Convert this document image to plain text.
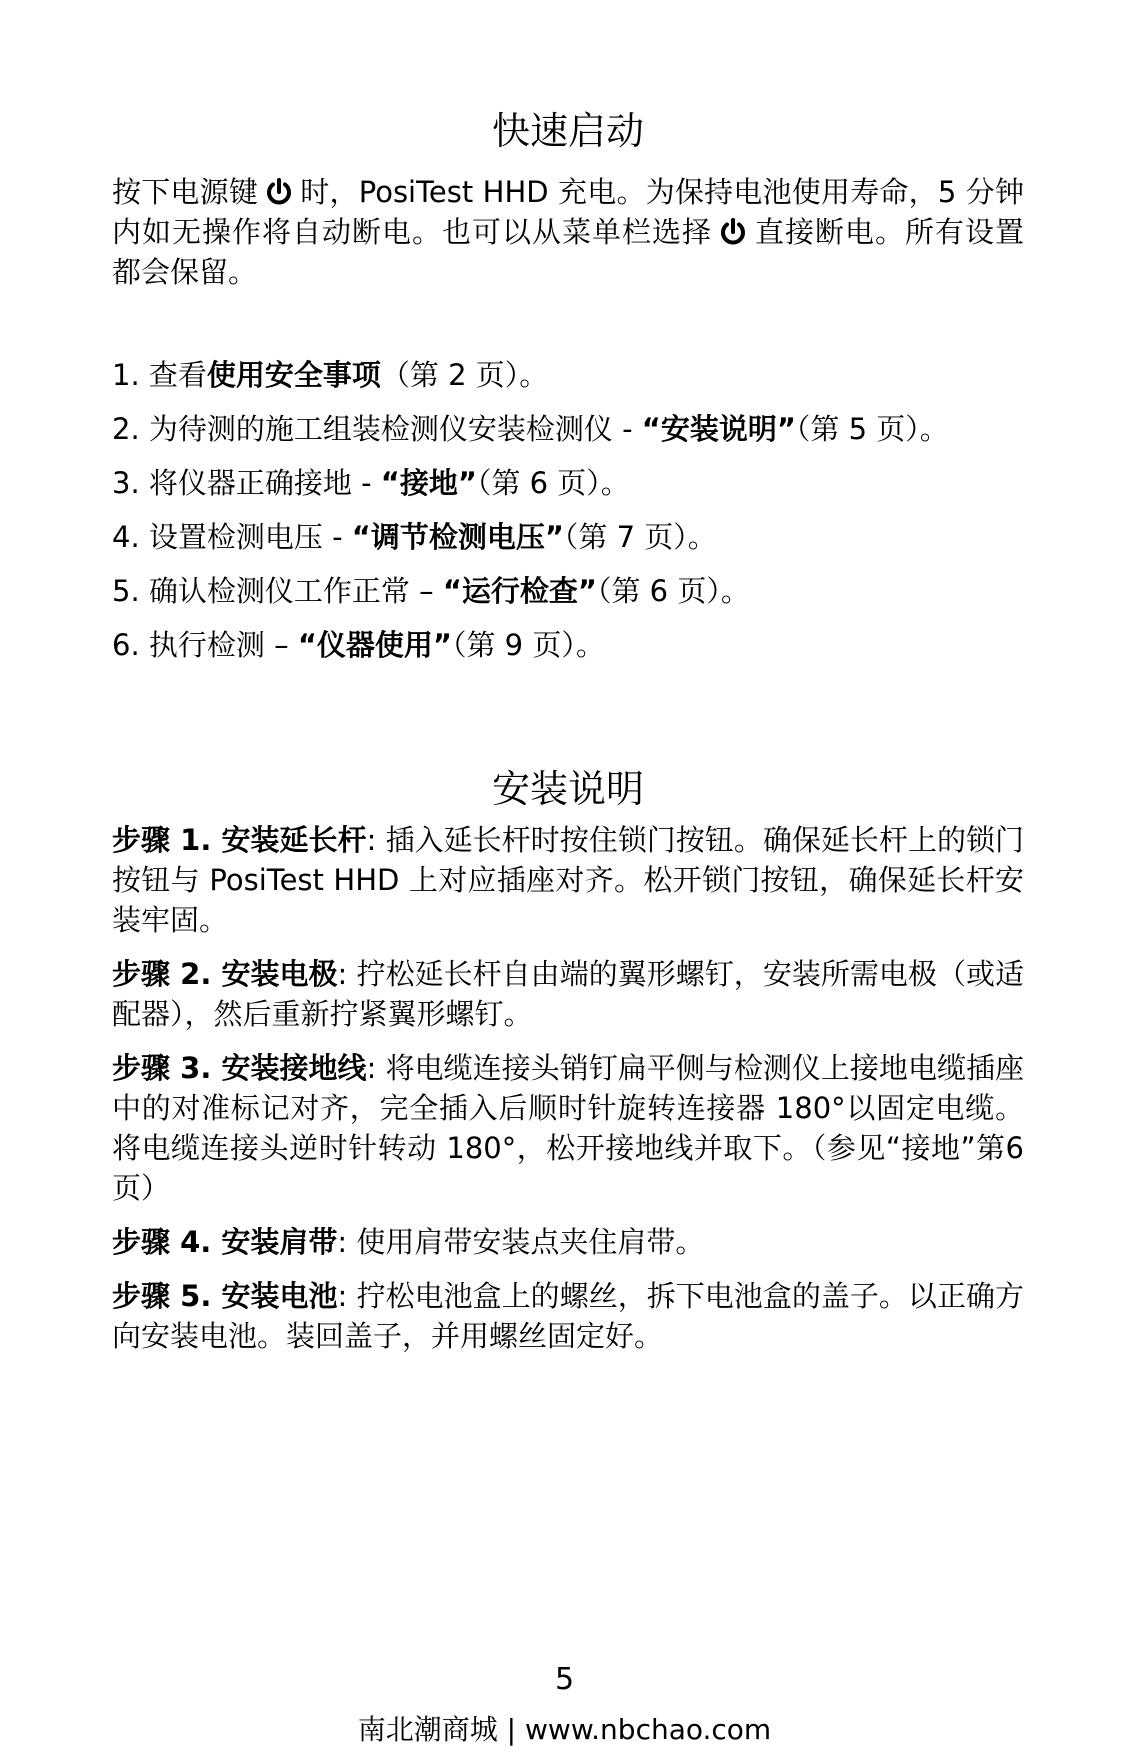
快速启动
按下电源键 时，PosiTest HHD 充电。为保持电池使用寿命，5 分钟内如无操作将自动断电。也可以从菜单栏选择 直接断电。所有设置都会保留。
1. 查看使用安全事项（第 2 页）。
2. 为待测的施工组装检测仪安装检测仪 - “安装说明”（第 5 页）。
3. 将仪器正确接地 - “接地”（第 6 页）。
4. 设置检测电压 - “调节检测电压”（第 7 页）。
5. 确认检测仪工作正常 – “运行检查”（第 6 页）。
6. 执行检测 – “仪器使用”（第 9 页）。
安装说明

步骤 1. 安装延长杆: 插入延长杆时按住锁门按钮。确保延长杆上的锁门按钮与 PosiTest HHD 上对应插座对齐。松开锁门按钮，确保延长杆安装牢固。

步骤 2. 安装电极: 拧松延长杆自由端的翼形螺钉，安装所需电极（或适配器），然后重新拧紧翼形螺钉。

步骤 3. 安装接地线: 将电缆连接头销钉扁平侧与检测仪上接地电缆插座中的对准标记对齐，完全插入后顺时针旋转连接器 180°以固定电缆。将电缆连接头逆时针转动 180°，松开接地线并取下。（参见“接地”第6页）

步骤 4. 安装肩带: 使用肩带安装点夹住肩带。

步骤 5. 安装电池: 拧松电池盒上的螺丝，拆下电池盒的盖子。以正确方向安装电池。装回盖子，并用螺丝固定好。

5
南北潮商城 | www.nbchao.com
